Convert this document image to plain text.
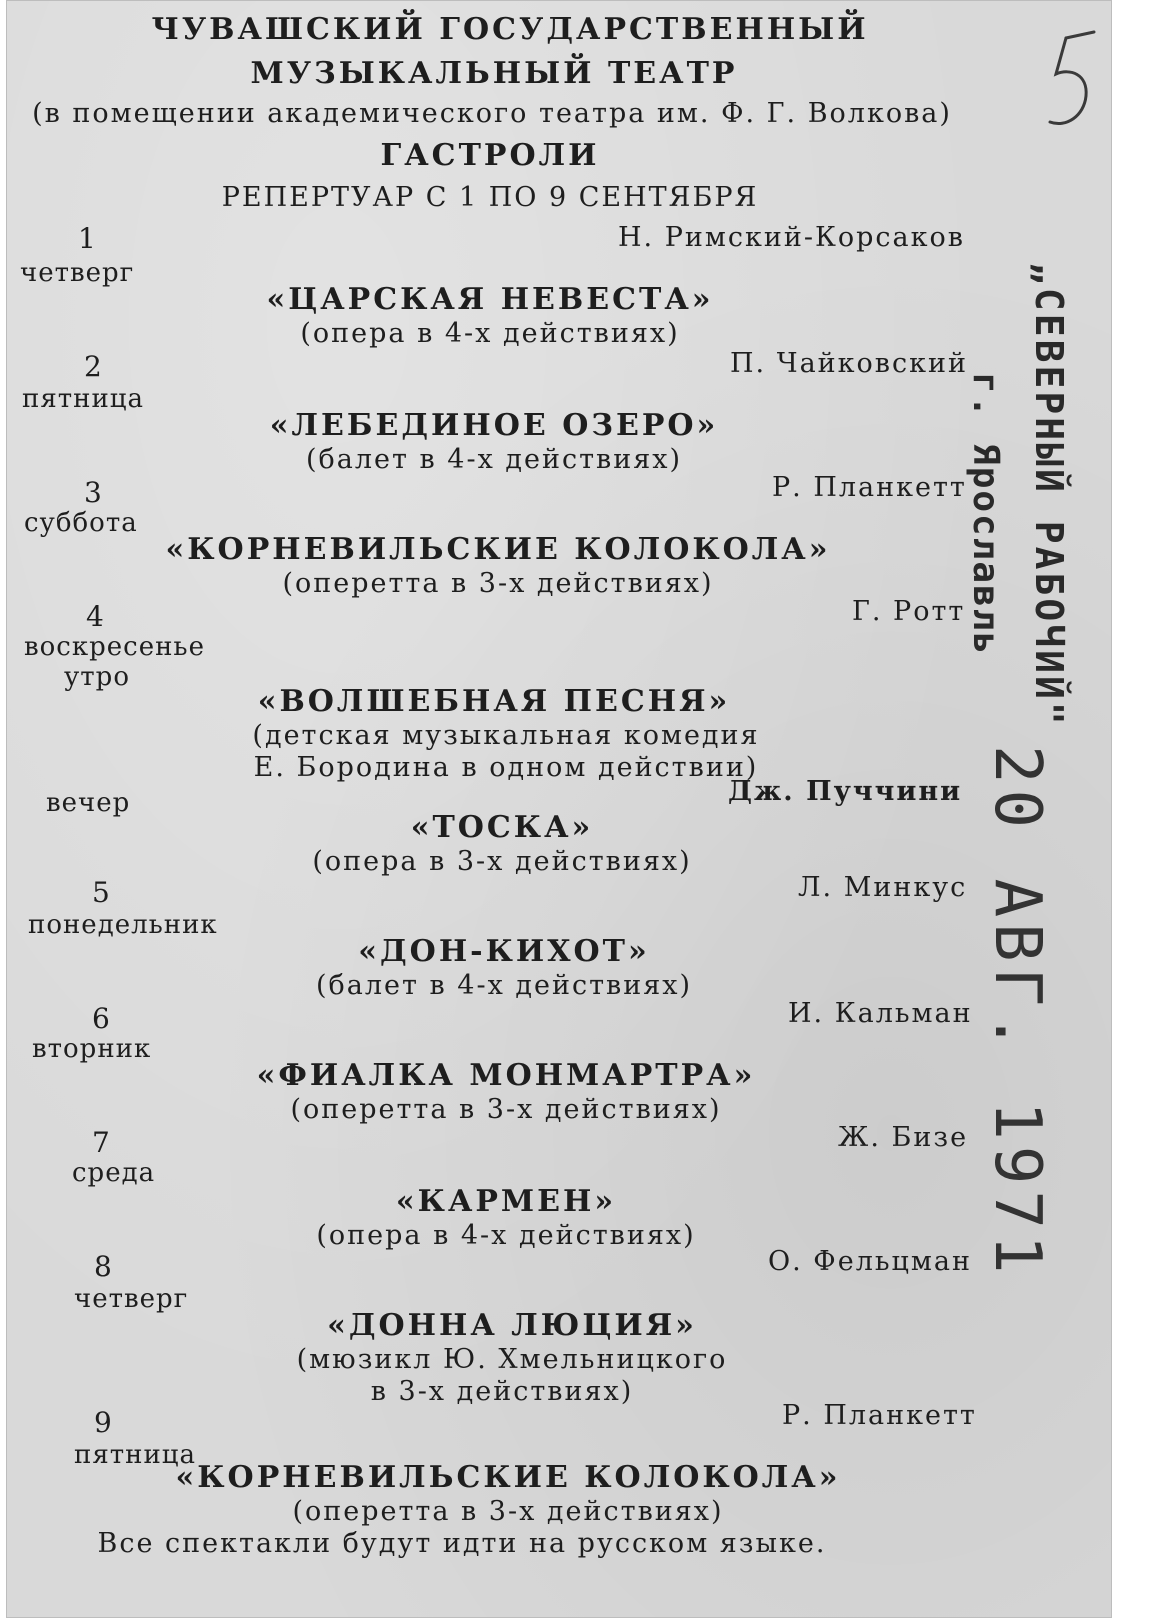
ЧУВАШСКИЙ ГОСУДАРСТВЕННЫЙ
МУЗЫКАЛЬНЫЙ ТЕАТР
(в помещении академического театра им. Ф. Г. Волкова)
ГАСТРОЛИ
РЕПЕРТУАР С 1 ПО 9 СЕНТЯБРЯ
1
четверг
Н. Римский-Корсаков
«ЦАРСКАЯ НЕВЕСТА»
(опера в 4-х действиях)
2
пятница
П. Чайковский
«ЛЕБЕДИНОЕ ОЗЕРО»
(балет в 4-х действиях)
3
суббота
Р. Планкетт
«КОРНЕВИЛЬСКИЕ КОЛОКОЛА»
(оперетта в 3-х действиях)
4
воскресенье
утро
Г. Ротт
«ВОЛШЕБНАЯ ПЕСНЯ»
(детская музыкальная комедия
Е. Бородина в одном действии)
вечер	Дж. Пуччини
«ТОСКА»
(опера в 3-х действиях)
5
понедельник
Л. Минкус
«ДОН-КИХОТ»
(балет в 4-х действиях)
6
вторник
И. Кальман
«ФИАЛКА МОНМАРТРА»
(оперетта в 3-х действиях)
7
среда
Ж. Бизе
«КАРМЕН»
(опера в 4-х действиях)
8
четверг
О. Фельцман
«ДОННА ЛЮЦИЯ»
(мюзикл Ю. Хмельницкого
в 3-х действиях)
9
пятница
Р. Планкетт
«КОРНЕВИЛЬСКИЕ КОЛОКОЛА»
(оперетта в 3-х действиях)
Все спектакли будут идти на русском языке.
„СЕВЕРНЫЙ РАБОЧИЙ"
г. Ярославль
20 АВГ. 1971
